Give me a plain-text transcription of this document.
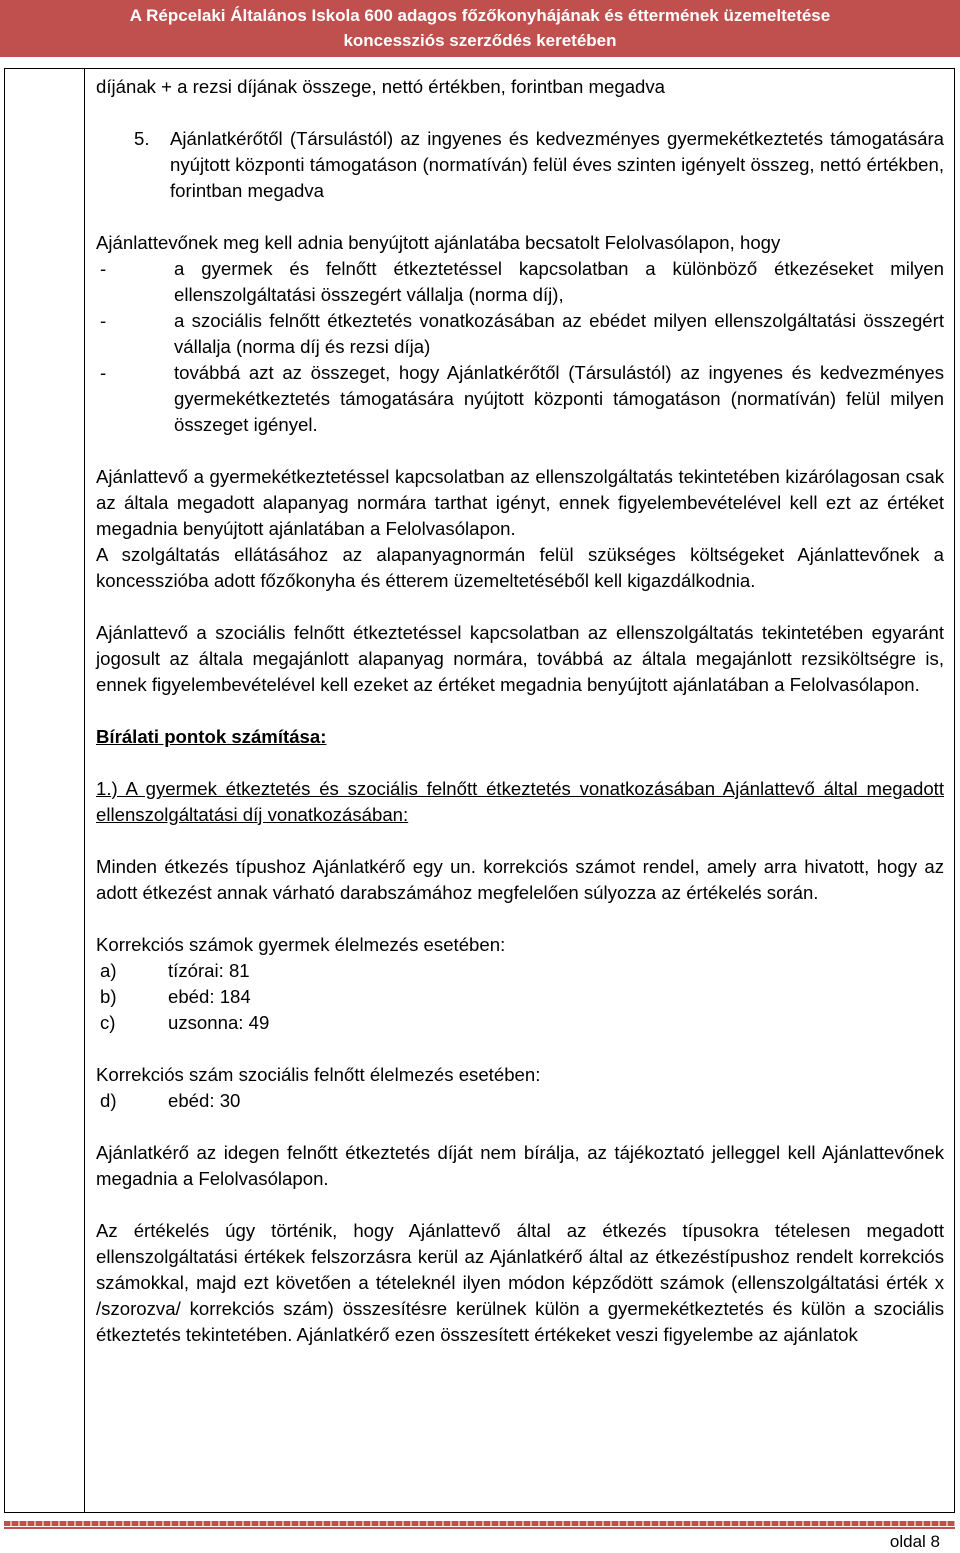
A Répcelaki Általános Iskola 600 adagos főzőkonyhájának és éttermének üzemeltetése
koncessziós szerződés keretében

díjának + a rezsi díjának összege, nettó értékben, forintban megadva

5.	Ajánlatkérőtől (Társulástól) az ingyenes és kedvezményes gyermekétkeztetés támogatására nyújtott központi támogatáson (normatíván) felül éves szinten igényelt összeg, nettó értékben, forintban megadva

Ajánlattevőnek meg kell adnia benyújtott ajánlatába becsatolt Felolvasólapon, hogy

-	a gyermek és felnőtt étkeztetéssel kapcsolatban a különböző étkezéseket milyen ellenszolgáltatási összegért vállalja (norma díj),
-	a szociális felnőtt étkeztetés vonatkozásában az ebédet milyen ellenszolgáltatási összegért vállalja (norma díj és rezsi díja)
-	továbbá azt az összeget, hogy Ajánlatkérőtől (Társulástól) az ingyenes és kedvezményes gyermekétkeztetés támogatására nyújtott központi támogatáson (normatíván) felül milyen összeget igényel.

Ajánlattevő a gyermekétkeztetéssel kapcsolatban az ellenszolgáltatás tekintetében kizárólagosan csak az általa megadott alapanyag normára tarthat igényt, ennek figyelembevételével kell ezt az értéket megadnia benyújtott ajánlatában a Felolvasólapon.

A szolgáltatás ellátásához az alapanyagnormán felül szükséges költségeket Ajánlattevőnek a koncesszióba adott főzőkonyha és étterem üzemeltetéséből kell kigazdálkodnia.

Ajánlattevő a szociális felnőtt étkeztetéssel kapcsolatban az ellenszolgáltatás tekintetében egyaránt jogosult az általa megajánlott alapanyag normára, továbbá az általa megajánlott rezsiköltségre is, ennek figyelembevételével kell ezeket az értéket megadnia benyújtott ajánlatában a Felolvasólapon.

Bírálati pontok számítása:

1.) A gyermek étkeztetés és szociális felnőtt étkeztetés vonatkozásában Ajánlattevő által megadott ellenszolgáltatási díj vonatkozásában:

Minden étkezés típushoz Ajánlatkérő egy un. korrekciós számot rendel, amely arra hivatott, hogy az adott étkezést annak várható darabszámához megfelelően súlyozza az értékelés során.

Korrekciós számok gyermek élelmezés esetében:

a)	tízórai: 81
b)	ebéd: 184
c)	uzsonna: 49

Korrekciós szám szociális felnőtt élelmezés esetében:

d)	ebéd: 30

Ajánlatkérő az idegen felnőtt étkeztetés díját nem bírálja, az tájékoztató jelleggel kell Ajánlattevőnek megadnia a Felolvasólapon.

Az értékelés úgy történik, hogy Ajánlattevő által az étkezés típusokra tételesen megadott ellenszolgáltatási értékek felszorzásra kerül az Ajánlatkérő által az étkezéstípushoz rendelt korrekciós számokkal, majd ezt követően a tételeknél ilyen módon képződött számok (ellenszolgáltatási érték x /szorozva/ korrekciós szám) összesítésre kerülnek külön a gyermekétkeztetés és külön a szociális étkeztetés tekintetében. Ajánlatkérő ezen összesített értékeket veszi figyelembe az ajánlatok

oldal 8
